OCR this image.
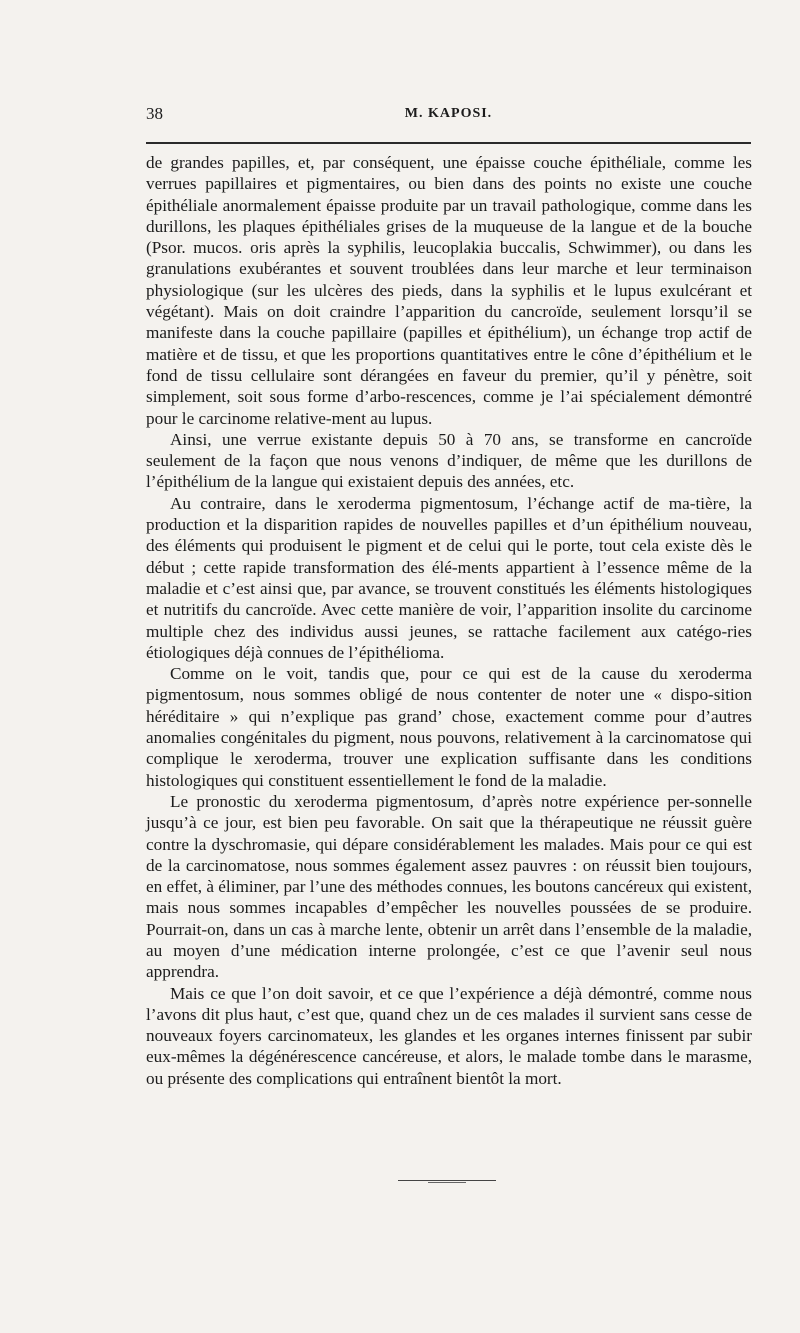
38	M. KAPOSI.

de grandes papilles, et, par conséquent, une épaisse couche épithéliale, comme les verrues papillaires et pigmentaires, ou bien dans des points no existe une couche épithéliale anormalement épaisse produite par un travail pathologique, comme dans les durillons, les plaques épithéliales grises de la muqueuse de la langue et de la bouche (Psor. mucos. oris après la syphilis, leucoplakia buccalis, Schwimmer), ou dans les granulations exubérantes et souvent troublées dans leur marche et leur terminaison physiologique (sur les ulcères des pieds, dans la syphilis et le lupus exulcérant et végétant). Mais on doit craindre l’apparition du cancroïde, seulement lorsqu’il se manifeste dans la couche papillaire (papilles et épithélium), un échange trop actif de matière et de tissu, et que les proportions quantitatives entre le cône d’épithélium et le fond de tissu cellulaire sont dérangées en faveur du premier, qu’il y pénètre, soit simplement, soit sous forme d’arbo-rescences, comme je l’ai spécialement démontré pour le carcinome relative-ment au lupus.

Ainsi, une verrue existante depuis 50 à 70 ans, se transforme en cancroïde seulement de la façon que nous venons d’indiquer, de même que les durillons de l’épithélium de la langue qui existaient depuis des années, etc.

Au contraire, dans le xeroderma pigmentosum, l’échange actif de ma-tière, la production et la disparition rapides de nouvelles papilles et d’un épithélium nouveau, des éléments qui produisent le pigment et de celui qui le porte, tout cela existe dès le début ; cette rapide transformation des élé-ments appartient à l’essence même de la maladie et c’est ainsi que, par avance, se trouvent constitués les éléments histologiques et nutritifs du cancroïde. Avec cette manière de voir, l’apparition insolite du carcinome multiple chez des individus aussi jeunes, se rattache facilement aux catégo-ries étiologiques déjà connues de l’épithélioma.

Comme on le voit, tandis que, pour ce qui est de la cause du xeroderma pigmentosum, nous sommes obligé de nous contenter de noter une « dispo-sition héréditaire » qui n’explique pas grand’ chose, exactement comme pour d’autres anomalies congénitales du pigment, nous pouvons, relativement à la carcinomatose qui complique le xeroderma, trouver une explication suffisante dans les conditions histologiques qui constituent essentiellement le fond de la maladie.

Le pronostic du xeroderma pigmentosum, d’après notre expérience per-sonnelle jusqu’à ce jour, est bien peu favorable. On sait que la thérapeutique ne réussit guère contre la dyschromasie, qui dépare considérablement les malades. Mais pour ce qui est de la carcinomatose, nous sommes également assez pauvres : on réussit bien toujours, en effet, à éliminer, par l’une des méthodes connues, les boutons cancéreux qui existent, mais nous sommes incapables d’empêcher les nouvelles poussées de se produire. Pourrait-on, dans un cas à marche lente, obtenir un arrêt dans l’ensemble de la maladie, au moyen d’une médication interne prolongée, c’est ce que l’avenir seul nous apprendra.

Mais ce que l’on doit savoir, et ce que l’expérience a déjà démontré, comme nous l’avons dit plus haut, c’est que, quand chez un de ces malades il survient sans cesse de nouveaux foyers carcinomateux, les glandes et les organes internes finissent par subir eux-mêmes la dégénérescence cancéreuse, et alors, le malade tombe dans le marasme, ou présente des complications qui entraînent bientôt la mort.
